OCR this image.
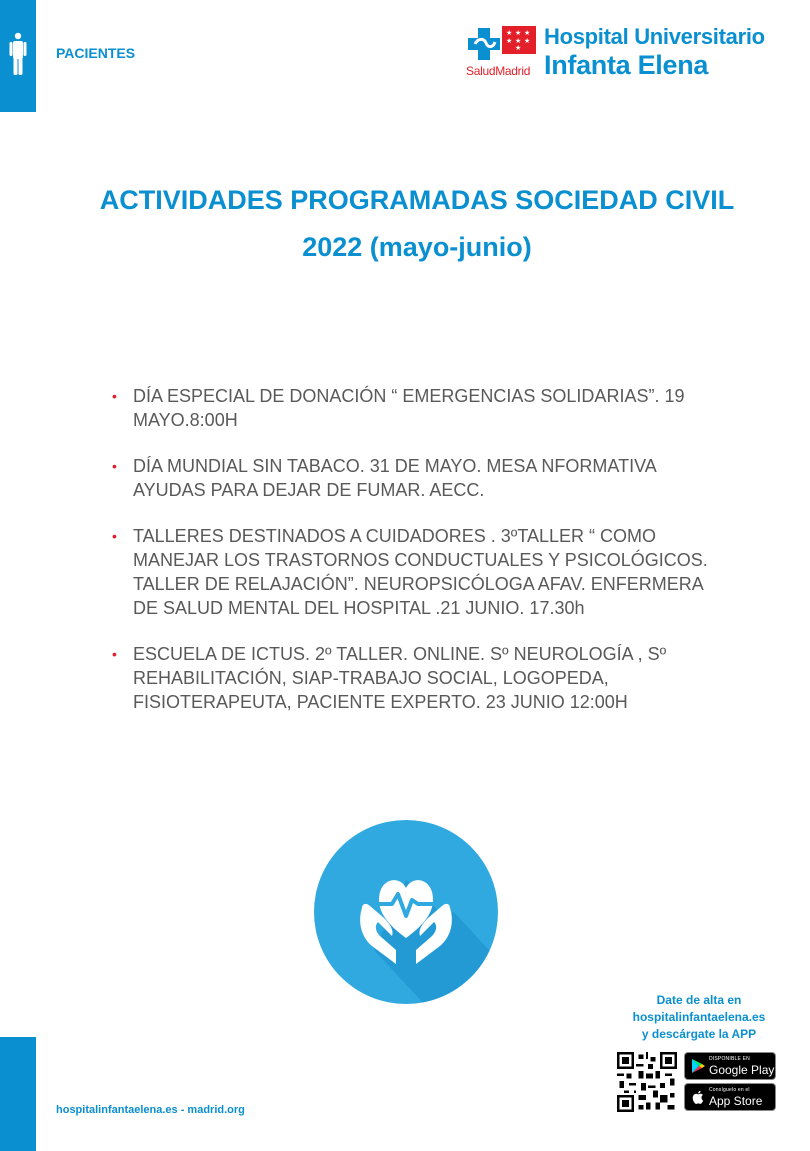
PACIENTES
★ ★ ★
★ ★ ★
★
SaludMadrid
Hospital Universitario
Infanta Elena
ACTIVIDADES PROGRAMADAS SOCIEDAD CIVIL
2022 (mayo-junio)
• DÍA ESPECIAL DE DONACIÓN “ EMERGENCIAS SOLIDARIAS”. 19 MAYO.8:00H
• DÍA MUNDIAL SIN TABACO. 31 DE MAYO. MESA NFORMATIVA AYUDAS PARA DEJAR DE FUMAR. AECC.
• TALLERES DESTINADOS A CUIDADORES . 3ºTALLER “ COMO MANEJAR LOS TRASTORNOS CONDUCTUALES Y PSICOLÓGICOS. TALLER DE RELAJACIÓN”. NEUROPSICÓLOGA AFAV. ENFERMERA DE SALUD MENTAL DEL HOSPITAL .21 JUNIO. 17.30h
• ESCUELA DE ICTUS. 2º TALLER. ONLINE. Sº NEUROLOGÍA , Sº REHABILITACIÓN, SIAP-TRABAJO SOCIAL, LOGOPEDA, FISIOTERAPEUTA, PACIENTE EXPERTO. 23 JUNIO 12:00H
Date de alta en
hospitalinfantaelena.es
y descárgate la APP
DISPONIBLE EN
Google Play
Consíguelo en el
App Store
hospitalinfantaelena.es - madrid.org
